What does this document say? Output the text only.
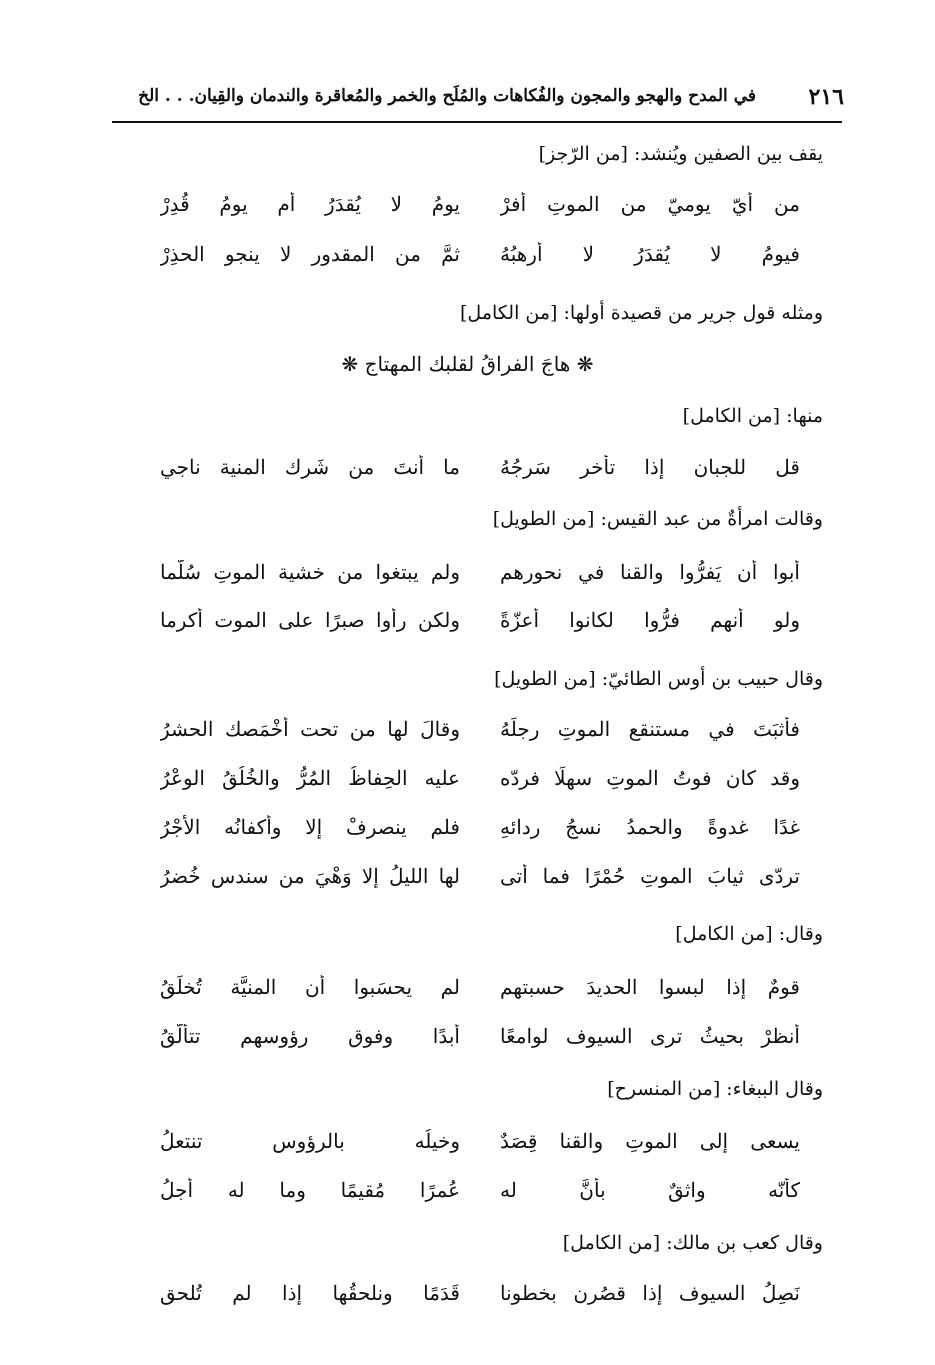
٢١٦
في المدح والهجو والمجون والفُكاهات والمُلَح والخمر والمُعاقرة والندمان والقِيان. . . الخ
يقف بين الصفين ويُنشد: [من الرّجز]
من أيّ يوميّ من الموتِ أفرْ
يومُ لا يُقدَرُ أم يومُ قُدِرْ
فيومُ لا يُقدَرُ لا أرهبُهُ
ثمَّ من المقدورِ لا ينجو الحذِرْ
ومثله قول جرير من قصيدة أولها: [من الكامل]
❋ هاجَ الفراقُ لقلبك المهتاج ❋
منها: [من الكامل]
قل للجبانِ إذا تأخر سَرجُهُ
ما أنتَ من شَرك المنية ناجي
وقالت امرأةٌ من عبد القيس: [من الطويل]
أبوا أن يَفرُّوا والقنا في نحورهم
ولم يبتغوا من خشية الموتِ سُلَّما
ولو أنهم فرُّوا لكانوا أعزّةً
ولكن رأوا صبرًا على الموت أكرما
وقال حبيب بن أوس الطائيّ: [من الطويل]
فأثبَتَ في مستنقعِ الموتِ رِجلَهُ
وقالَ لها من تحت أخْمَصك الحشرُ
وقد كان فوتُ الموتِ سهلًا فردّه
عليه الحِفاظُ المُرُّ والخُلُقُ الوعْرُ
غدًا غدوةً والحمدُ نسجُ ردائهِ
فلم ينصرفْ إلا وأكفانُه الأجْرُ
تردّى ثيابَ الموتِ حُمْرًا فما أتى
لها الليلُ إلا وَهْيَ من سندس خُضرُ
وقال: [من الكامل]
قومٌ إذا لبسوا الحديدَ حسبتهم
لم يحسَبوا أن المنيَّة تُخلَقُ
أُنظرْ بحيثُ ترى السيوف لوامعًا
أبدًا وفوق رؤوسهم تتألّقُ
وقال الببغاء: [من المنسرح]
يسعى إلى الموتِ والقنا قِصَدٌ
وخيلُه بالرؤوس تنتعلُ
كأنّه واثقٌ بأنَّ له
عُمرًا مُقيمًا وما له أجلُ
وقال كعب بن مالك: [من الكامل]
نَصِلُ السيوف إذا قصُرن بخطونا
قَدَمًا ونلحقُها إذا لم تُلحقِ
